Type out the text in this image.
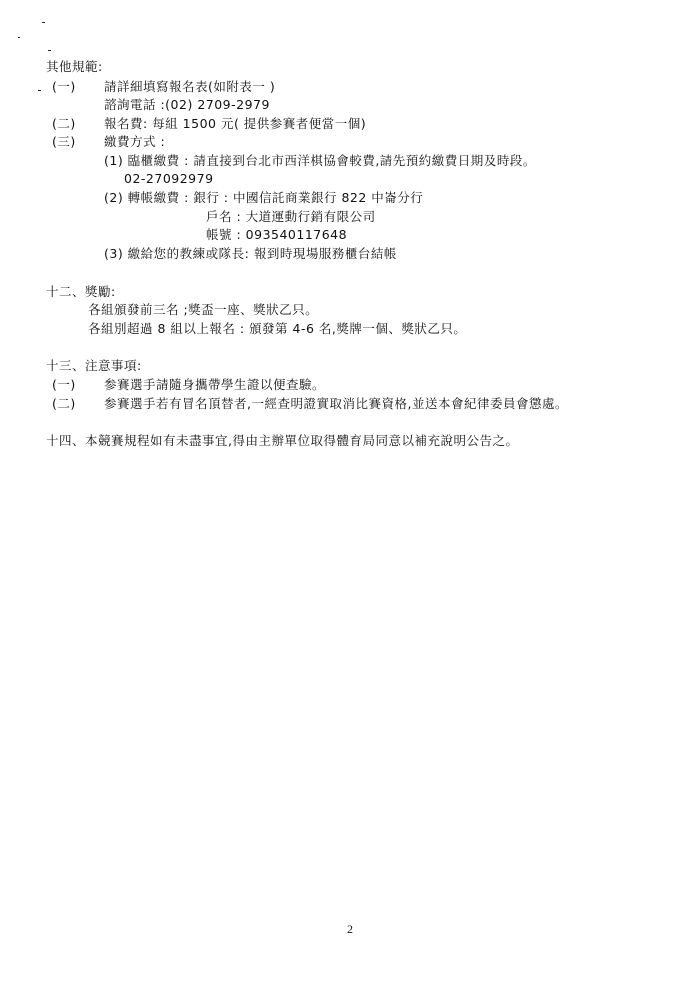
其他規範:
(一) 請詳細填寫報名表(如附表一 )
諮詢電話 :(02) 2709-2979
(二) 報名費: 每組 1500 元( 提供参賽者便當一個)
(三) 繳費方式 :
(1) 臨櫃繳費 : 請直接到台北市西洋棋協會較費,請先預約繳費日期及時段。
02-27092979
(2) 轉帳繳費 : 銀行 : 中國信託商業銀行 822 中崙分行
戶名 : 大道運動行銷有限公司
帳號 : 093540117648
(3) 繳給您的教練或隊長: 報到時現場服務櫃台結帳
十二、獎勵:
各組頒發前三名 ;獎盃一座、獎狀乙只。
各組別超過 8 組以上報名 : 頒發第 4-6 名,獎牌一個、獎狀乙只。
十三、注意事項:
(一) 参賽選手請隨身攜帶學生證以便查驗。
(二) 参賽選手若有冒名頂替者,一經查明證實取消比賽資格,並送本會紀律委員會懲處。
十四、本競賽規程如有未盡事宜,得由主辦單位取得體育局同意以補充說明公告之。
2
